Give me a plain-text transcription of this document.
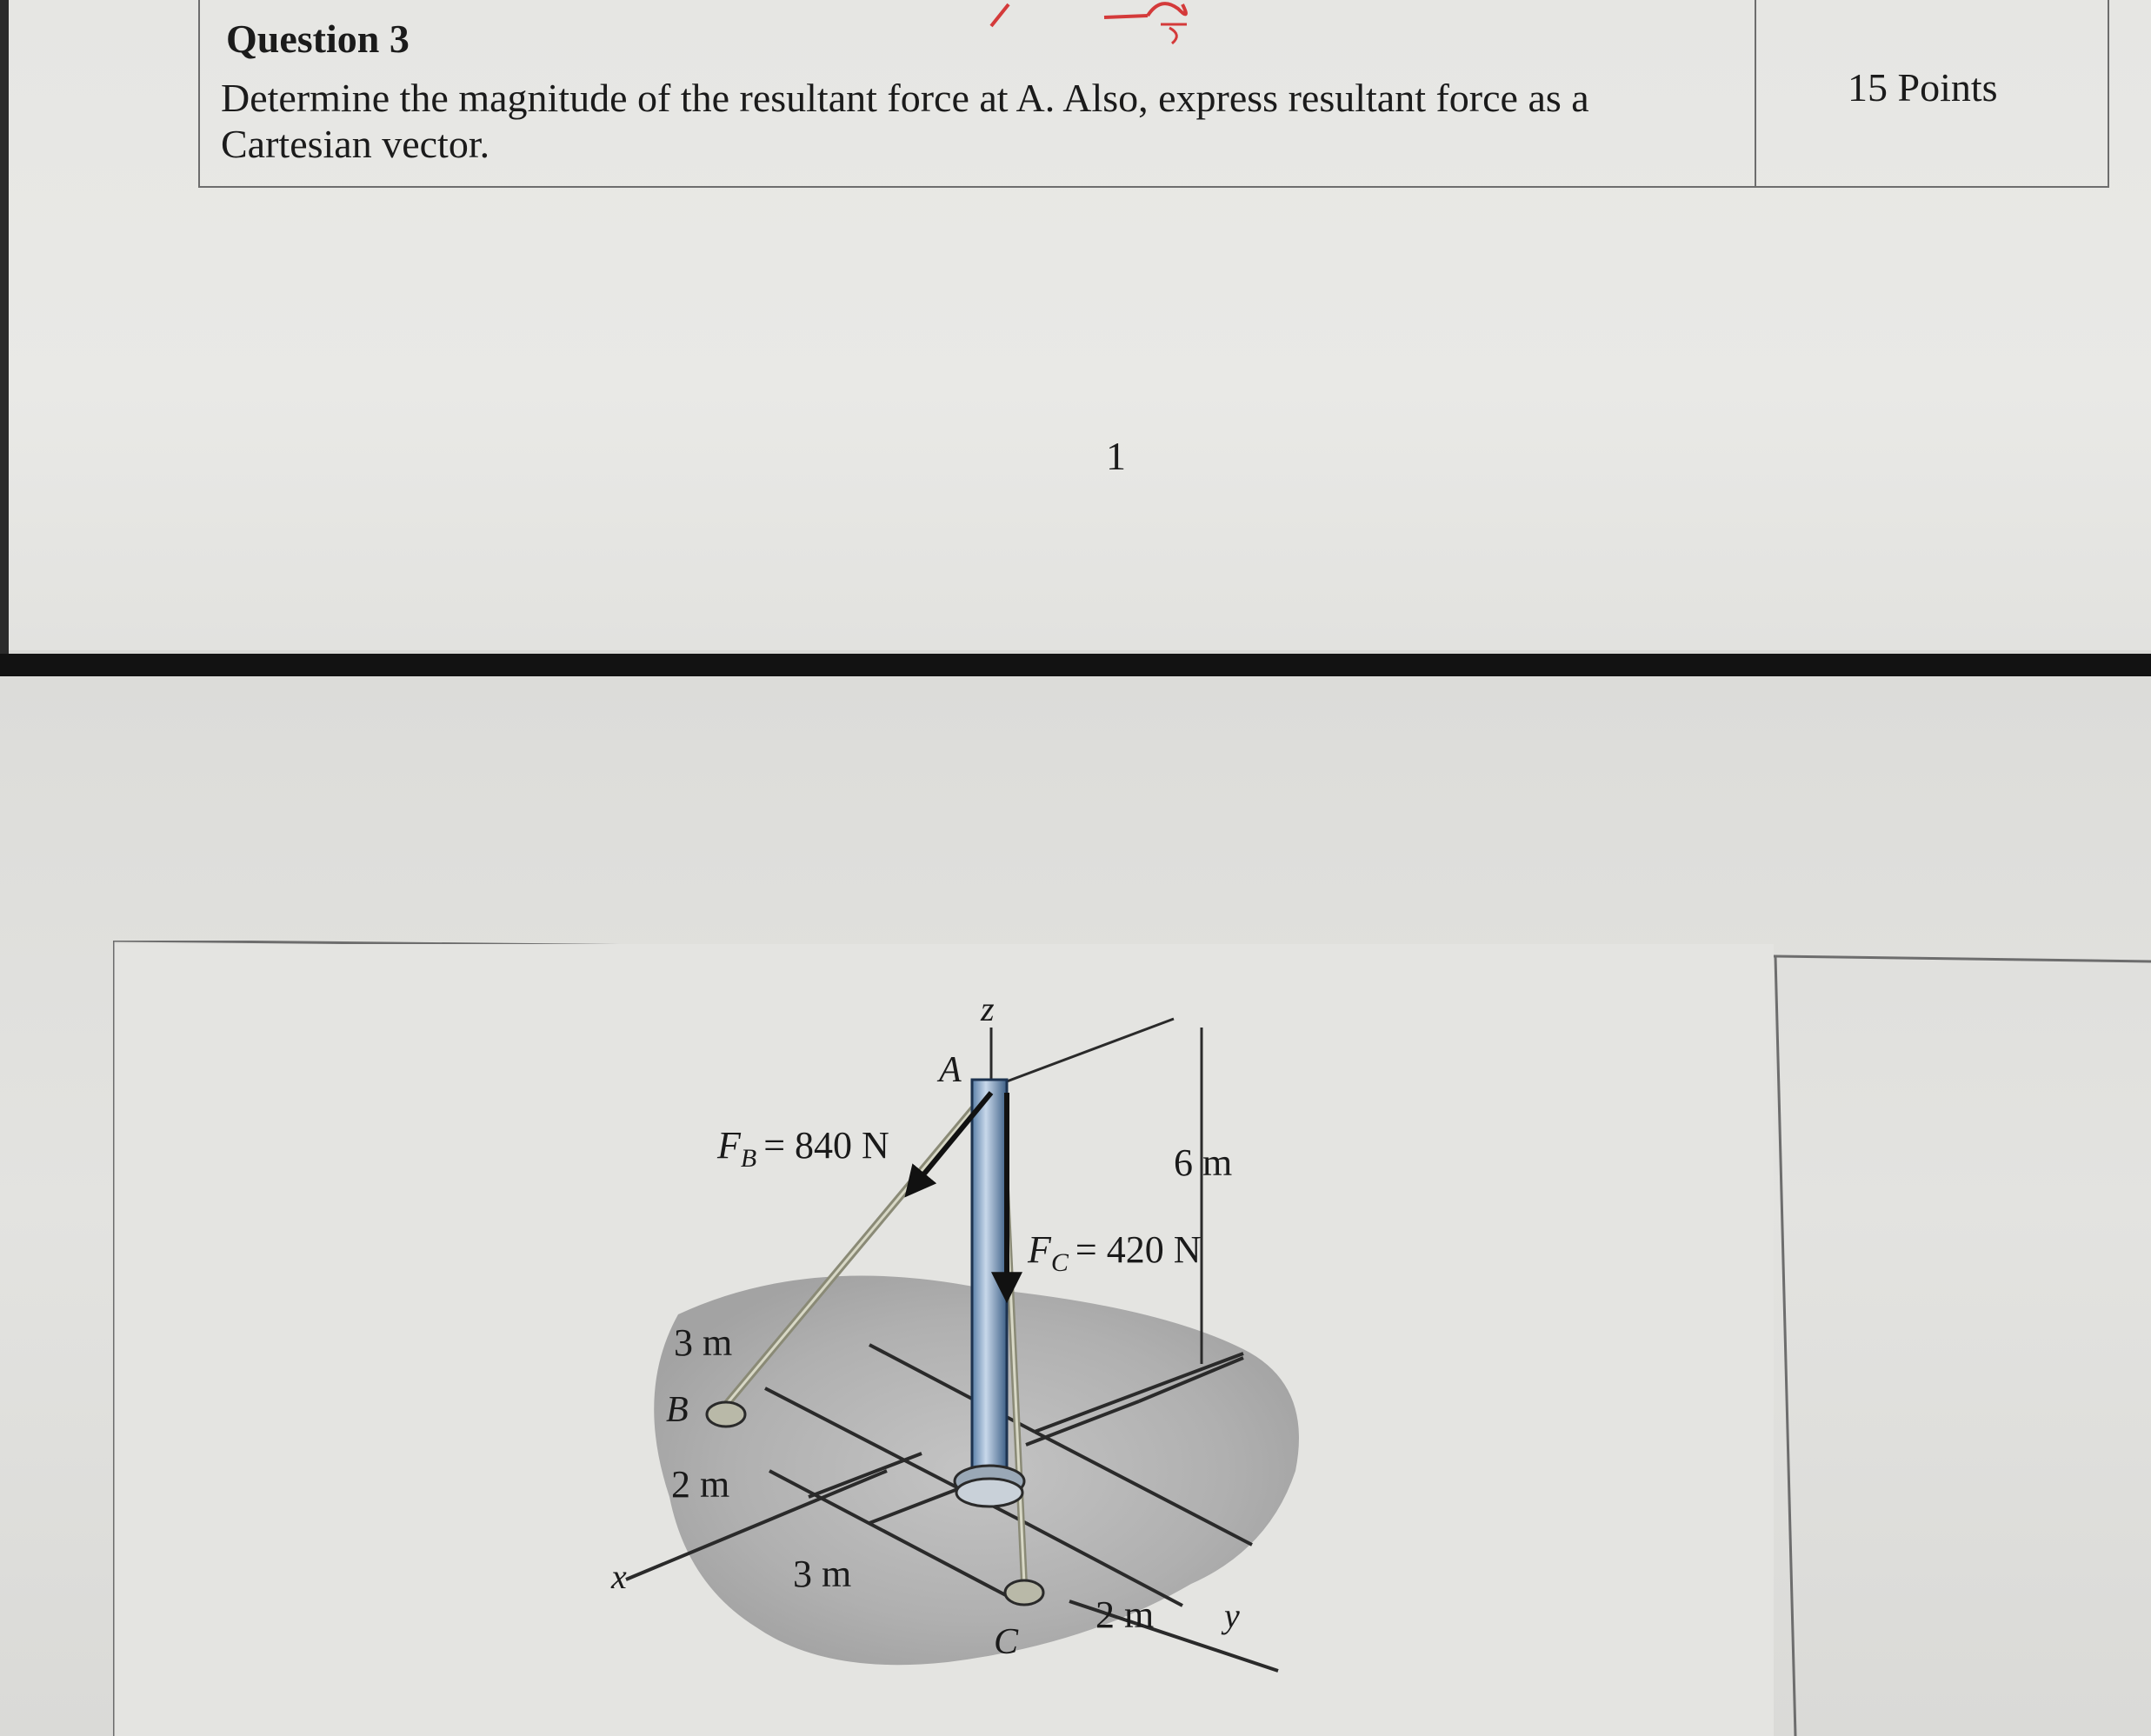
Question 3
Determine the magnitude of the resultant force at A. Also, express resultant force as a Cartesian vector.
15 Points
1
z
A
$F_B = 840$ N	6 m
$F_C = 420$ N
3 m
B
2 m
x	3 m
C
2 m y
